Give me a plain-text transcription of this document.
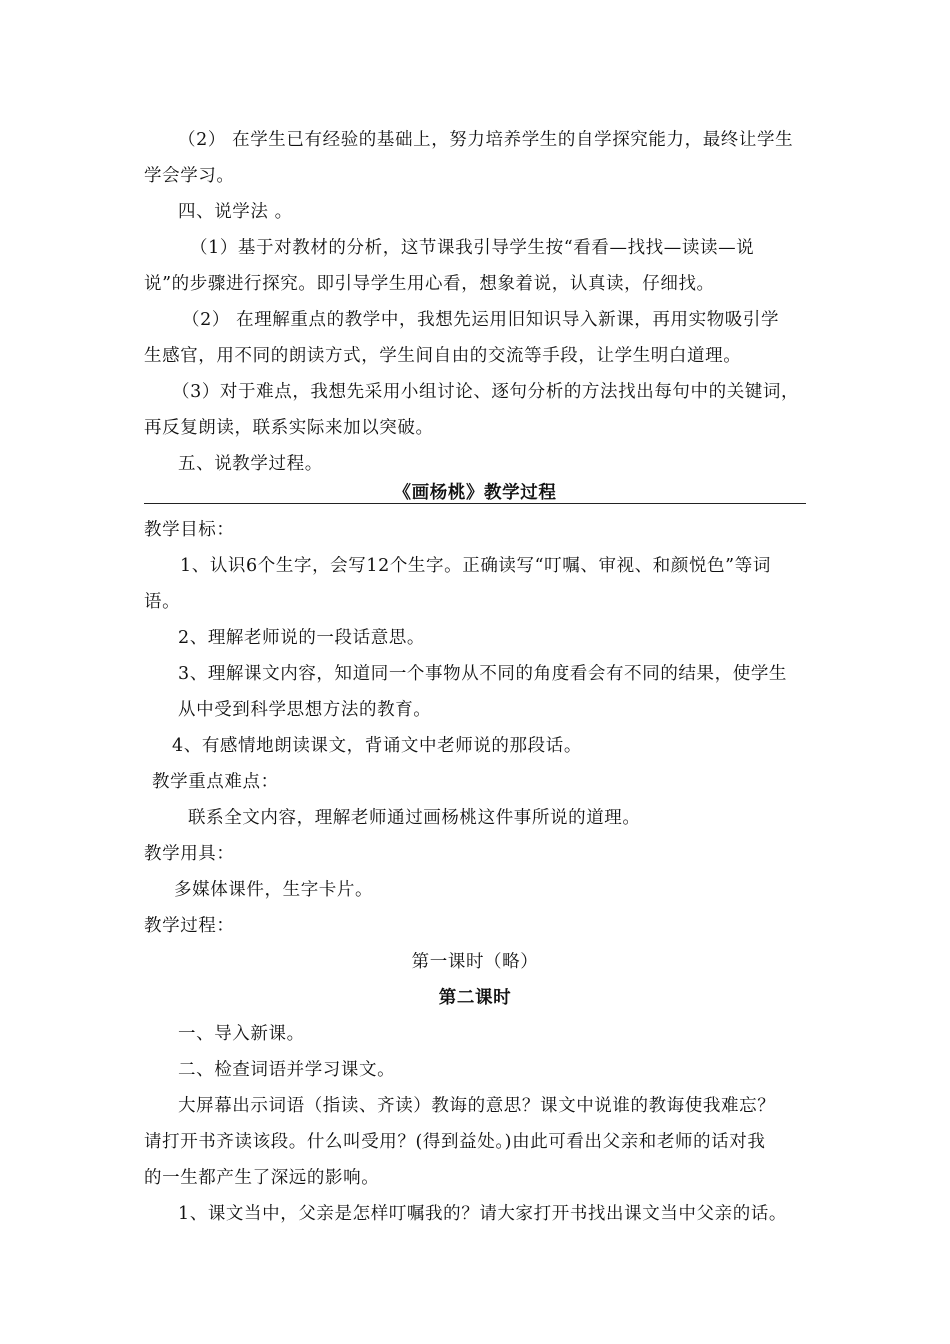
（2） 在学生已有经验的基础上，努力培养学生的自学探究能力，最终让学生
学会学习。
四、说学法 。
（1）基于对教材的分析，这节课我引导学生按“看看—找找—读读—说
说”的步骤进行探究。即引导学生用心看，想象着说，认真读，仔细找。
（2） 在理解重点的教学中，我想先运用旧知识导入新课，再用实物吸引学
生感官，用不同的朗读方式，学生间自由的交流等手段，让学生明白道理。
（3）对于难点，我想先采用小组讨论、逐句分析的方法找出每句中的关键词，
再反复朗读，联系实际来加以突破。
五、说教学过程。
《画杨桃》教学过程
教学目标：
1、认识6个生字，会写12个生字。正确读写“叮嘱、审视、和颜悦色”等词
语。
2、理解老师说的一段话意思。
3、理解课文内容，知道同一个事物从不同的角度看会有不同的结果，使学生
从中受到科学思想方法的教育。
4、有感情地朗读课文，背诵文中老师说的那段话。
教学重点难点：
联系全文内容，理解老师通过画杨桃这件事所说的道理。
教学用具：
多媒体课件，生字卡片。
教学过程：
第一课时（略）
第二课时
一、导入新课。
二、检查词语并学习课文。
大屏幕出示词语（指读、齐读）教诲的意思？课文中说谁的教诲使我难忘？
请打开书齐读该段。什么叫受用？(得到益处。)由此可看出父亲和老师的话对我
的一生都产生了深远的影响。
1、课文当中，父亲是怎样叮嘱我的？请大家打开书找出课文当中父亲的话。
